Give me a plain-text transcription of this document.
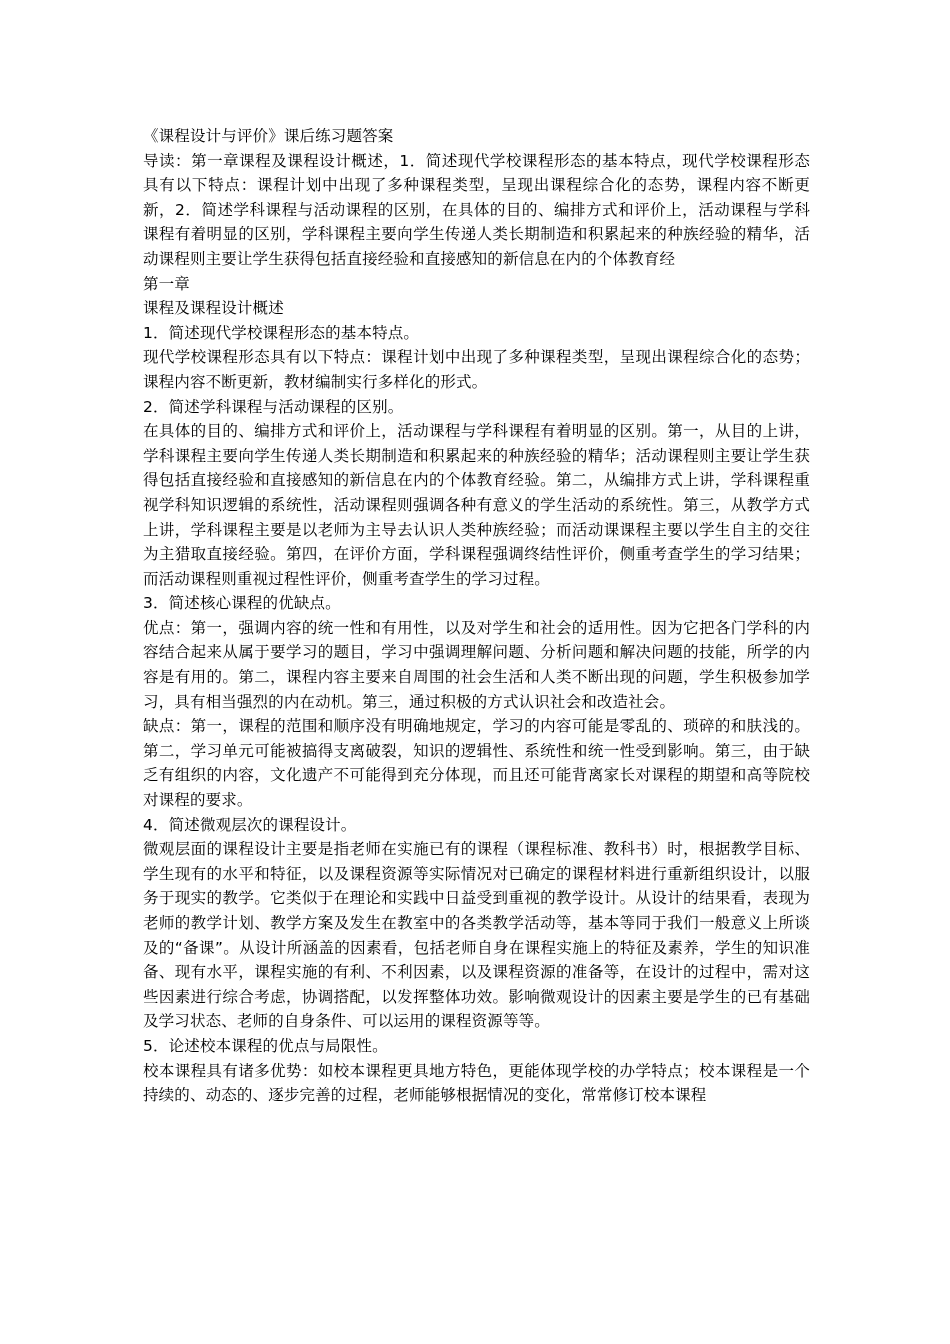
《课程设计与评价》课后练习题答案

导读：第一章课程及课程设计概述，1．简述现代学校课程形态的基本特点，现代学校课程形态具有以下特点：课程计划中出现了多种课程类型，呈现出课程综合化的态势，课程内容不断更新，2．简述学科课程与活动课程的区别，在具体的目的、编排方式和评价上，活动课程与学科课程有着明显的区别，学科课程主要向学生传递人类长期制造和积累起来的种族经验的精华，活动课程则主要让学生获得包括直接经验和直接感知的新信息在内的个体教育经

第一章

课程及课程设计概述

1．简述现代学校课程形态的基本特点。

现代学校课程形态具有以下特点：课程计划中出现了多种课程类型，呈现出课程综合化的态势；课程内容不断更新，教材编制实行多样化的形式。

2．简述学科课程与活动课程的区别。

在具体的目的、编排方式和评价上，活动课程与学科课程有着明显的区别。第一，从目的上讲，学科课程主要向学生传递人类长期制造和积累起来的种族经验的精华；活动课程则主要让学生获得包括直接经验和直接感知的新信息在内的个体教育经验。第二，从编排方式上讲，学科课程重视学科知识逻辑的系统性，活动课程则强调各种有意义的学生活动的系统性。第三，从教学方式上讲，学科课程主要是以老师为主导去认识人类种族经验；而活动课课程主要以学生自主的交往为主猎取直接经验。第四，在评价方面，学科课程强调终结性评价，侧重考查学生的学习结果；而活动课程则重视过程性评价，侧重考查学生的学习过程。

3．简述核心课程的优缺点。

优点：第一，强调内容的统一性和有用性，以及对学生和社会的适用性。因为它把各门学科的内容结合起来从属于要学习的题目，学习中强调理解问题、分析问题和解决问题的技能，所学的内容是有用的。第二，课程内容主要来自周围的社会生活和人类不断出现的问题，学生积极参加学习，具有相当强烈的内在动机。第三，通过积极的方式认识社会和改造社会。

缺点：第一，课程的范围和顺序没有明确地规定，学习的内容可能是零乱的、琐碎的和肤浅的。第二，学习单元可能被搞得支离破裂，知识的逻辑性、系统性和统一性受到影响。第三，由于缺乏有组织的内容，文化遗产不可能得到充分体现，而且还可能背离家长对课程的期望和高等院校对课程的要求。

4．简述微观层次的课程设计。

微观层面的课程设计主要是指老师在实施已有的课程（课程标准、教科书）时，根据教学目标、学生现有的水平和特征，以及课程资源等实际情况对已确定的课程材料进行重新组织设计，以服务于现实的教学。它类似于在理论和实践中日益受到重视的教学设计。从设计的结果看，表现为老师的教学计划、教学方案及发生在教室中的各类教学活动等，基本等同于我们一般意义上所谈及的“备课”。从设计所涵盖的因素看，包括老师自身在课程实施上的特征及素养，学生的知识准备、现有水平，课程实施的有利、不利因素，以及课程资源的准备等，在设计的过程中，需对这些因素进行综合考虑，协调搭配，以发挥整体功效。影响微观设计的因素主要是学生的已有基础及学习状态、老师的自身条件、可以运用的课程资源等等。

5．论述校本课程的优点与局限性。

校本课程具有诸多优势：如校本课程更具地方特色，更能体现学校的办学特点；校本课程是一个持续的、动态的、逐步完善的过程，老师能够根据情况的变化，常常修订校本课程
